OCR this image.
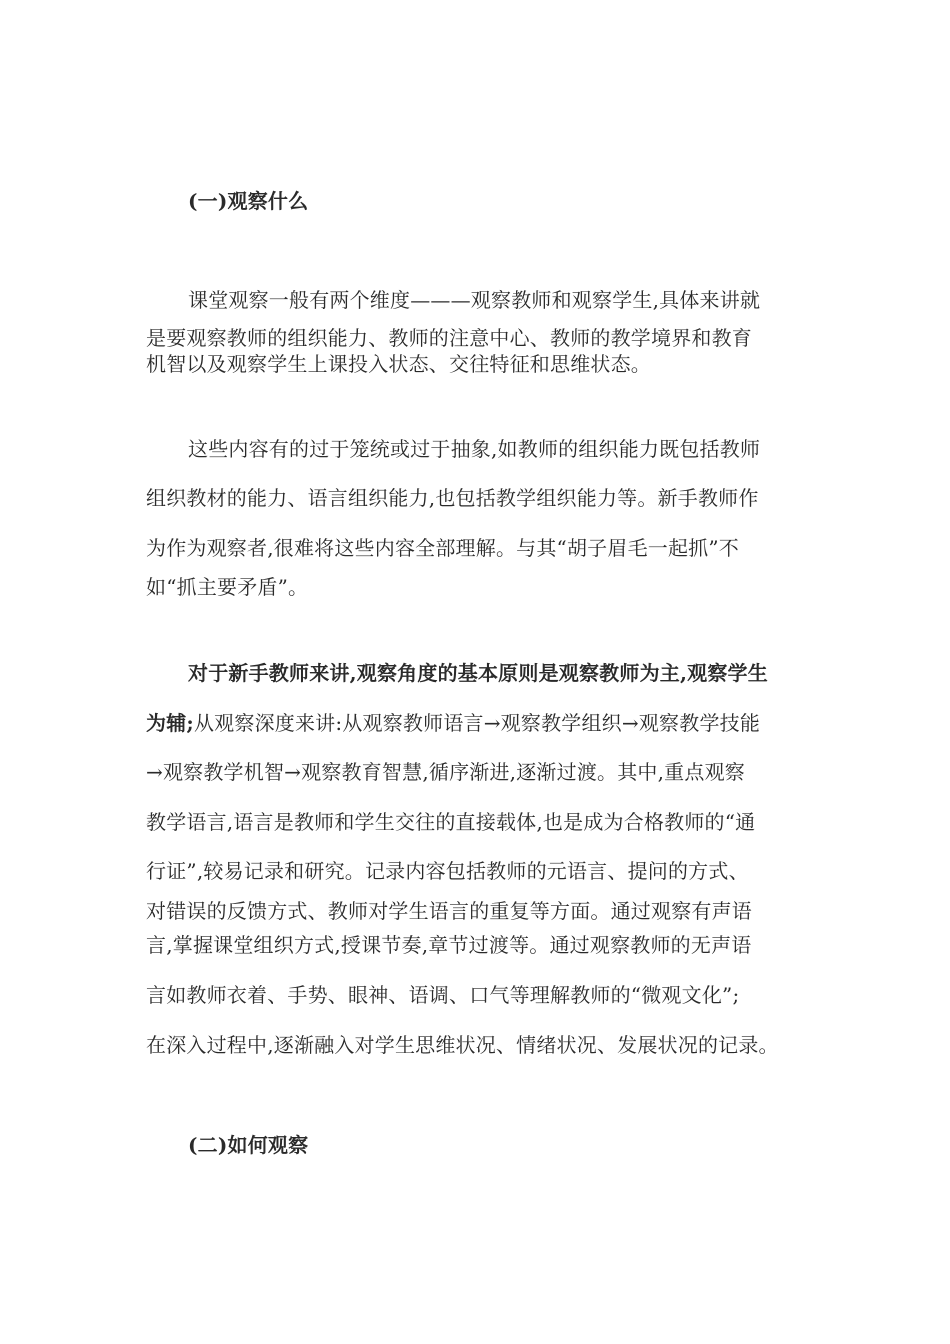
(一)观察什么
课堂观察一般有两个维度———观察教师和观察学生,具体来讲就
是要观察教师的组织能力、教师的注意中心、教师的教学境界和教育
机智以及观察学生上课投入状态、交往特征和思维状态。
这些内容有的过于笼统或过于抽象,如教师的组织能力既包括教师
组织教材的能力、语言组织能力,也包括教学组织能力等。新手教师作
为作为观察者,很难将这些内容全部理解。与其“胡子眉毛一起抓”不
如“抓主要矛盾”。
对于新手教师来讲,观察角度的基本原则是观察教师为主,观察学生
为辅;从观察深度来讲:从观察教师语言→观察教学组织→观察教学技能
→观察教学机智→观察教育智慧,循序渐进,逐渐过渡。其中,重点观察
教学语言,语言是教师和学生交往的直接载体,也是成为合格教师的“通
行证”,较易记录和研究。记录内容包括教师的元语言、提问的方式、
对错误的反馈方式、教师对学生语言的重复等方面。通过观察有声语
言,掌握课堂组织方式,授课节奏,章节过渡等。通过观察教师的无声语
言如教师衣着、手势、眼神、语调、口气等理解教师的“微观文化”;
在深入过程中,逐渐融入对学生思维状况、情绪状况、发展状况的记录。
(二)如何观察
